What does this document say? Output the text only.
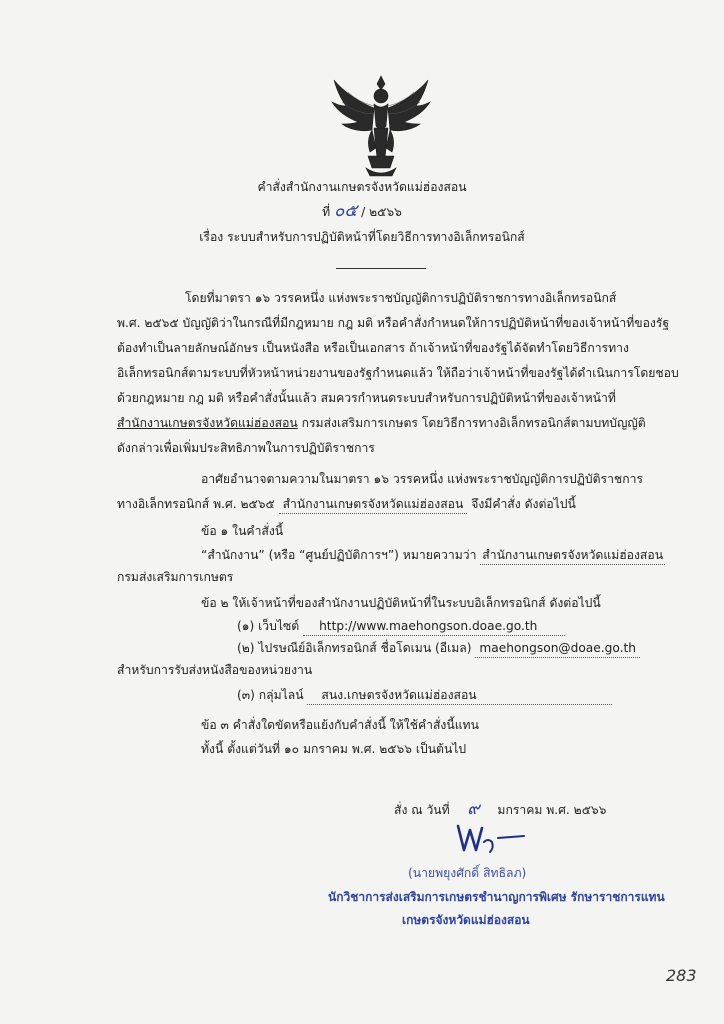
คำสั่งสำนักงานเกษตรจังหวัดแม่ฮ่องสอน
ที่ ๐๕ / ๒๕๖๖
เรื่อง ระบบสำหรับการปฏิบัติหน้าที่โดยวิธีการทางอิเล็กทรอนิกส์
โดยที่มาตรา ๑๖ วรรคหนึ่ง แห่งพระราชบัญญัติการปฏิบัติราชการทางอิเล็กทรอนิกส์
พ.ศ. ๒๕๖๕ บัญญัติว่าในกรณีที่มีกฎหมาย กฎ มติ หรือคำสั่งกำหนดให้การปฏิบัติหน้าที่ของเจ้าหน้าที่ของรัฐ
ต้องทำเป็นลายลักษณ์อักษร เป็นหนังสือ หรือเป็นเอกสาร ถ้าเจ้าหน้าที่ของรัฐได้จัดทำโดยวิธีการทาง
อิเล็กทรอนิกส์ตามระบบที่หัวหน้าหน่วยงานของรัฐกำหนดแล้ว ให้ถือว่าเจ้าหน้าที่ของรัฐได้ดำเนินการโดยชอบ
ด้วยกฎหมาย กฎ มติ หรือคำสั่งนั้นแล้ว สมควรกำหนดระบบสำหรับการปฏิบัติหน้าที่ของเจ้าหน้าที่
สำนักงานเกษตรจังหวัดแม่ฮ่องสอน กรมส่งเสริมการเกษตร โดยวิธีการทางอิเล็กทรอนิกส์ตามบทบัญญัติ
ดังกล่าวเพื่อเพิ่มประสิทธิภาพในการปฏิบัติราชการ
อาศัยอำนาจตามความในมาตรา ๑๖ วรรคหนึ่ง แห่งพระราชบัญญัติการปฏิบัติราชการ
ทางอิเล็กทรอนิกส์ พ.ศ. ๒๕๖๕ สำนักงานเกษตรจังหวัดแม่ฮ่องสอน จึงมีคำสั่ง ดังต่อไปนี้
ข้อ ๑ ในคำสั่งนี้
“สำนักงาน” (หรือ “ศูนย์ปฏิบัติการฯ”) หมายความว่า สำนักงานเกษตรจังหวัดแม่ฮ่องสอน
กรมส่งเสริมการเกษตร
ข้อ ๒ ให้เจ้าหน้าที่ของสำนักงานปฏิบัติหน้าที่ในระบบอิเล็กทรอนิกส์ ดังต่อไปนี้
(๑) เว็บไซต์ http://www.maehongson.doae.go.th
(๒) ไปรษณีย์อิเล็กทรอนิกส์ ชื่อโดเมน (อีเมล) maehongson@doae.go.th
สำหรับการรับส่งหนังสือของหน่วยงาน
(๓) กลุ่มไลน์ สนง.เกษตรจังหวัดแม่ฮ่องสอน
ข้อ ๓ คำสั่งใดขัดหรือแย้งกับคำสั่งนี้ ให้ใช้คำสั่งนี้แทน
ทั้งนี้ ตั้งแต่วันที่ ๑๐ มกราคม พ.ศ. ๒๕๖๖ เป็นต้นไป
สั่ง ณ วันที่ ๙ มกราคม พ.ศ. ๒๕๖๖
(นายพยุงศักดิ์ สิทธิลภ)
นักวิชาการส่งเสริมการเกษตรชำนาญการพิเศษ รักษาราชการแทน
เกษตรจังหวัดแม่ฮ่องสอน
283
